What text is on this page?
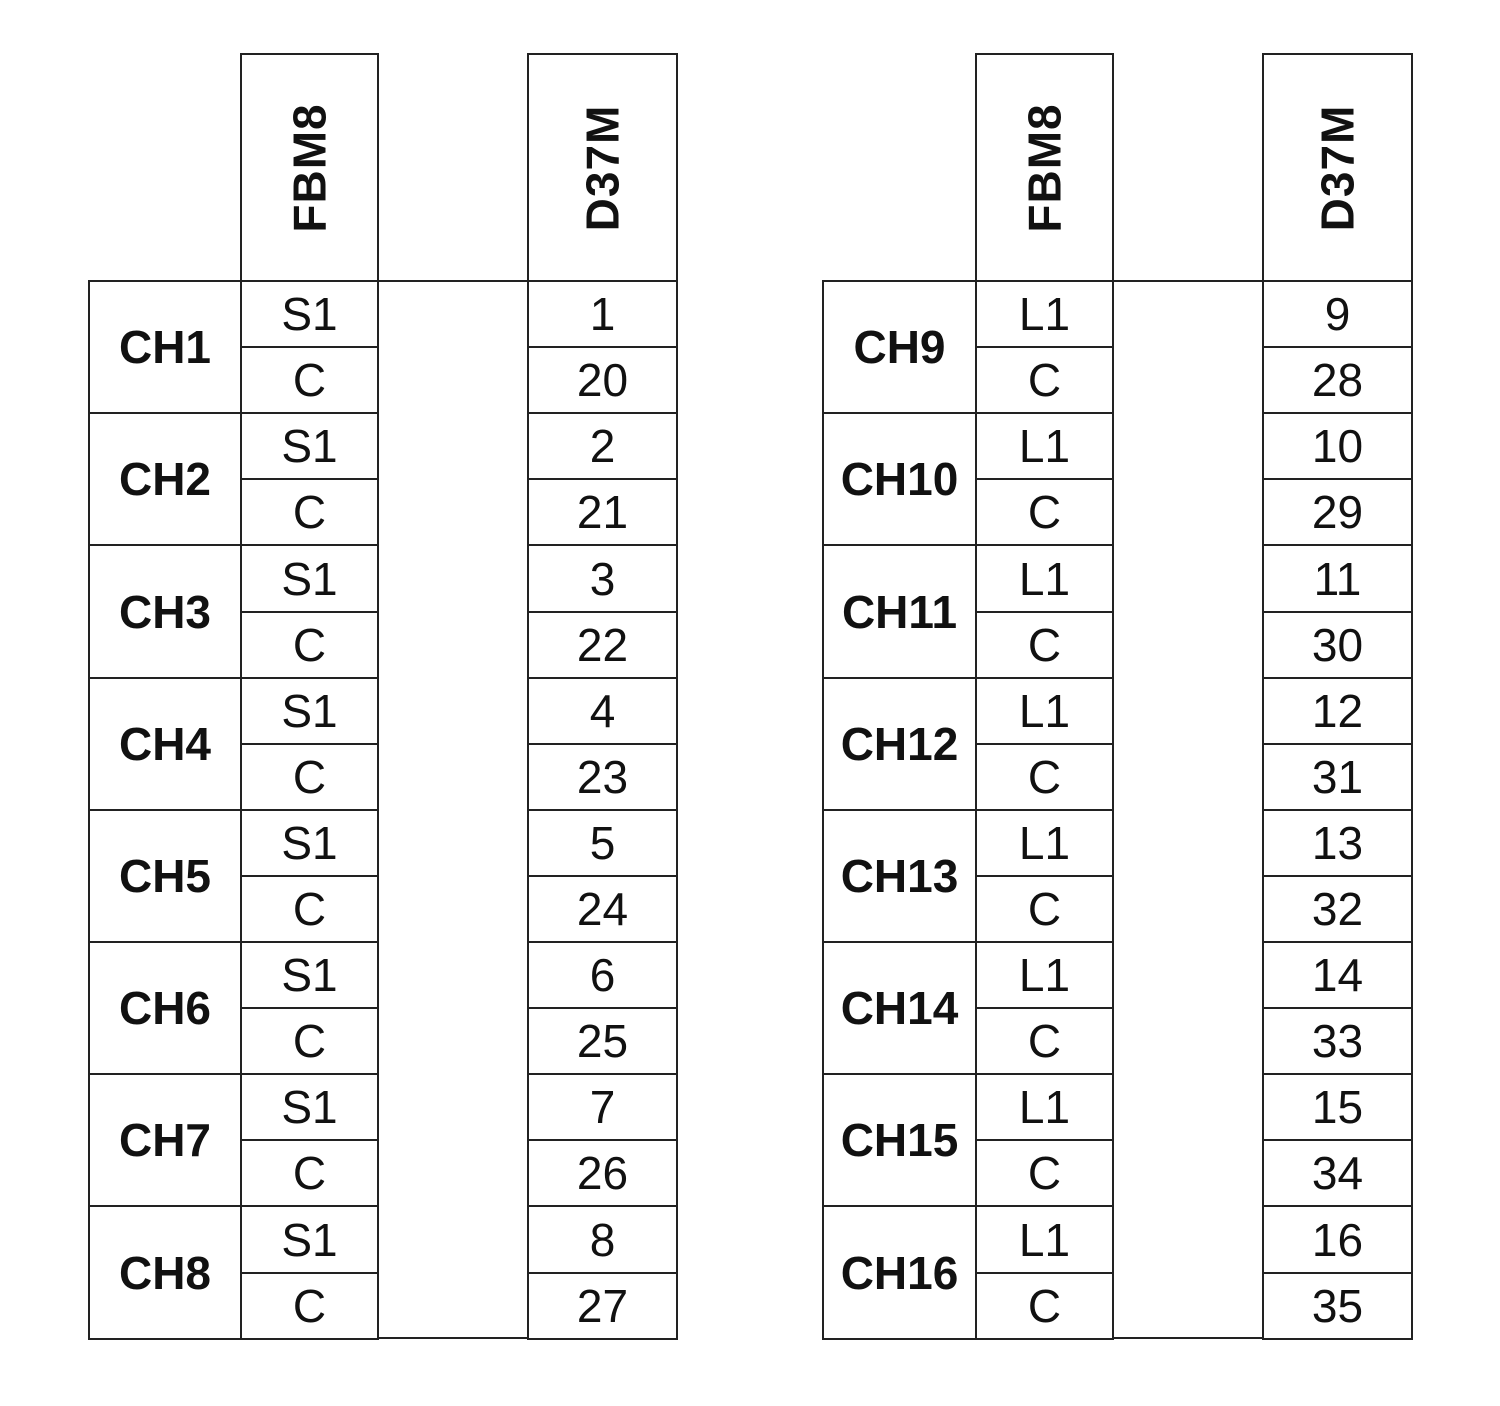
FBM8	D37M	FBM8	D37M
CH1
S1	1
C	20
CH2
S1	2
C	21
CH3
S1	3
C	22
CH4
S1	4
C	23
CH5
S1	5
C	24
CH6
S1	6
C	25
CH7
S1	7
C	26
CH8
S1	8
C	27
CH9
L1	9
C	28
CH10
L1	10
C	29
CH11
L1	11
C	30
CH12
L1	12
C	31
CH13
L1	13
C	32
CH14
L1	14
C	33
CH15
L1	15
C	34
CH16
L1	16
C	35
